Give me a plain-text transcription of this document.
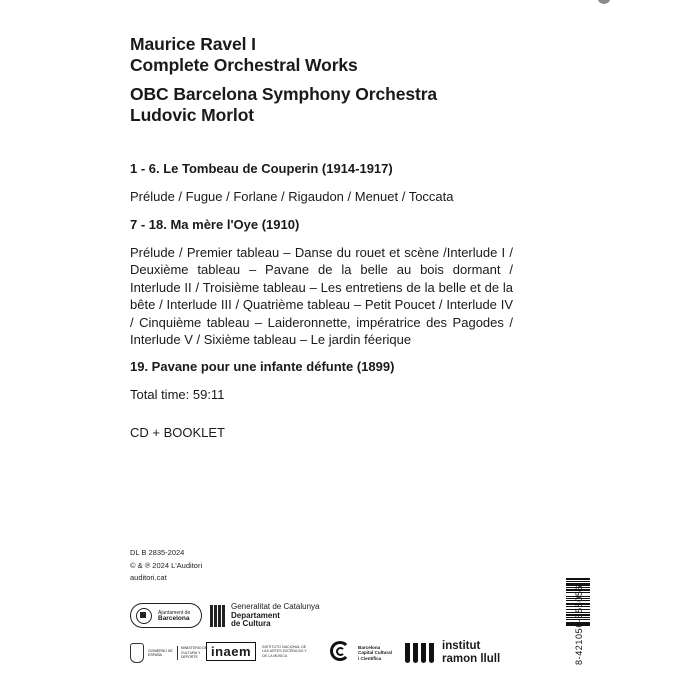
Maurice Ravel I
Complete Orchestral Works
OBC Barcelona Symphony Orchestra
Ludovic Morlot

1 - 6. Le Tombeau de Couperin (1914-1917)

Prélude / Fugue / Forlane / Rigaudon / Menuet / Toccata

7 - 18. Ma mère l'Oye (1910)

Prélude / Premier tableau – Danse du rouet et scène /Interlude I / Deuxième tableau – Pavane de la belle au bois dormant / Interlude II / Troisième tableau – Les entretiens de la belle et de la bête / Interlude III / Quatrième tableau – Petit Poucet / Interlude IV / Cinquième tableau – Laideronnette, impératrice des Pagodes / Interlude V / Sixième tableau – Le jardin féerique

19. Pavane pour une infante défunte (1899)

Total time: 59:11

CD + BOOKLET
DL B 2835-2024
© & ℗ 2024 L'Auditori
auditori.cat
8-421056-558056
Ajuntament de
Barcelona
Generalitat de Catalunya
Departament
de Cultura
GOBIERNO DE ESPAÑA
MINISTERIO DE CULTURA Y DEPORTE	inaem	INSTITUTO NACIONAL DE LAS ARTES ESCÉNICAS Y DE LA MÚSICA
Barcelona
Capital Cultural
i Científica
institut
ramon llull
